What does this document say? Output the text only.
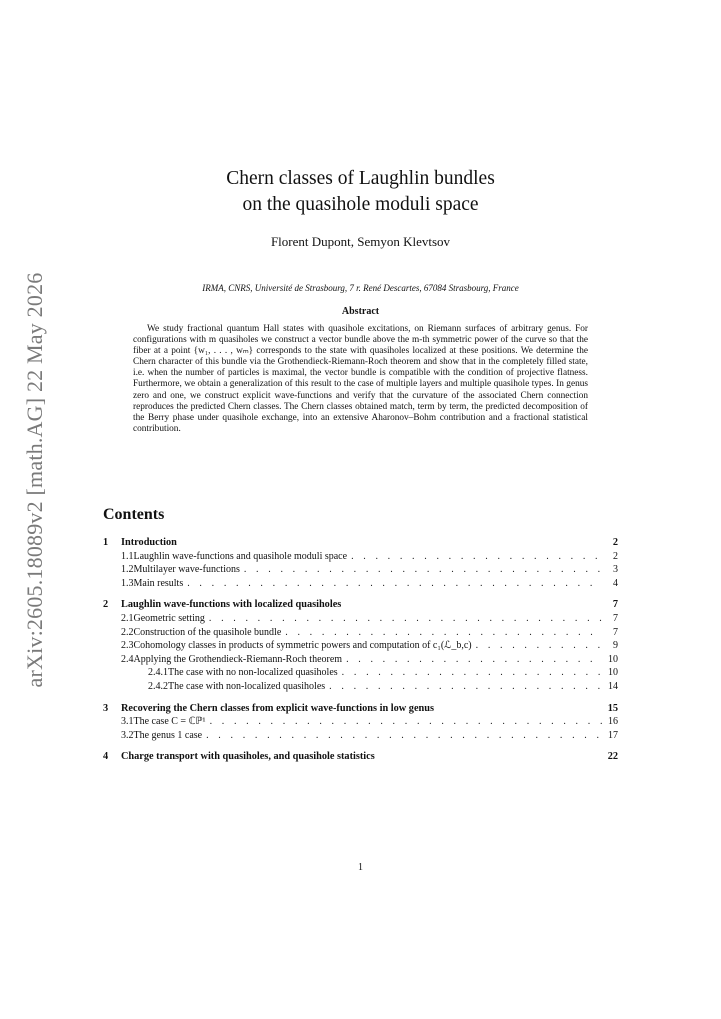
arXiv:2605.18089v2 [math.AG] 22 May 2026
Chern classes of Laughlin bundles
on the quasihole moduli space
Florent Dupont, Semyon Klevtsov
IRMA, CNRS, Université de Strasbourg, 7 r. René Descartes, 67084 Strasbourg, France
Abstract
We study fractional quantum Hall states with quasihole excitations, on Riemann surfaces of arbitrary genus. For configurations with m quasiholes we construct a vector bundle above the m-th symmetric power of the curve so that the fiber at a point {w₁, . . . , wₘ} corresponds to the state with quasiholes localized at these positions. We determine the Chern character of this bundle via the Grothendieck-Riemann-Roch theorem and show that in the completely filled state, i.e. when the number of particles is maximal, the vector bundle is compatible with the condition of projective flatness. Furthermore, we obtain a generalization of this result to the case of multiple layers and multiple quasihole types. In genus zero and one, we construct explicit wave-functions and verify that the curvature of the associated Chern connection reproduces the predicted Chern classes. The Chern classes obtained match, term by term, the predicted decomposition of the Berry phase under quasihole exchange, into an extensive Aharonov–Bohm contribution and a fractional statistical contribution.
Contents
1	Introduction	2
1.1 Laughlin wave-functions and quasihole moduli space . . .	2
1.2 Multilayer wave-functions . . .	3
1.3 Main results . . .	4
2	Laughlin wave-functions with localized quasiholes	7
2.1 Geometric setting . . .	7
2.2 Construction of the quasihole bundle . . .	7
2.3 Cohomology classes in products of symmetric powers and computation of c₁(ℒ_b,c) . . .	9
2.4 Applying the Grothendieck-Riemann-Roch theorem . . .	10
2.4.1 The case with no non-localized quasiholes . . .	10
2.4.2 The case with non-localized quasiholes . . .	14
3	Recovering the Chern classes from explicit wave-functions in low genus	15
3.1 The case C = ℂℙ¹ . . .	16
3.2 The genus 1 case . . .	17
4	Charge transport with quasiholes, and quasihole statistics	22
1
